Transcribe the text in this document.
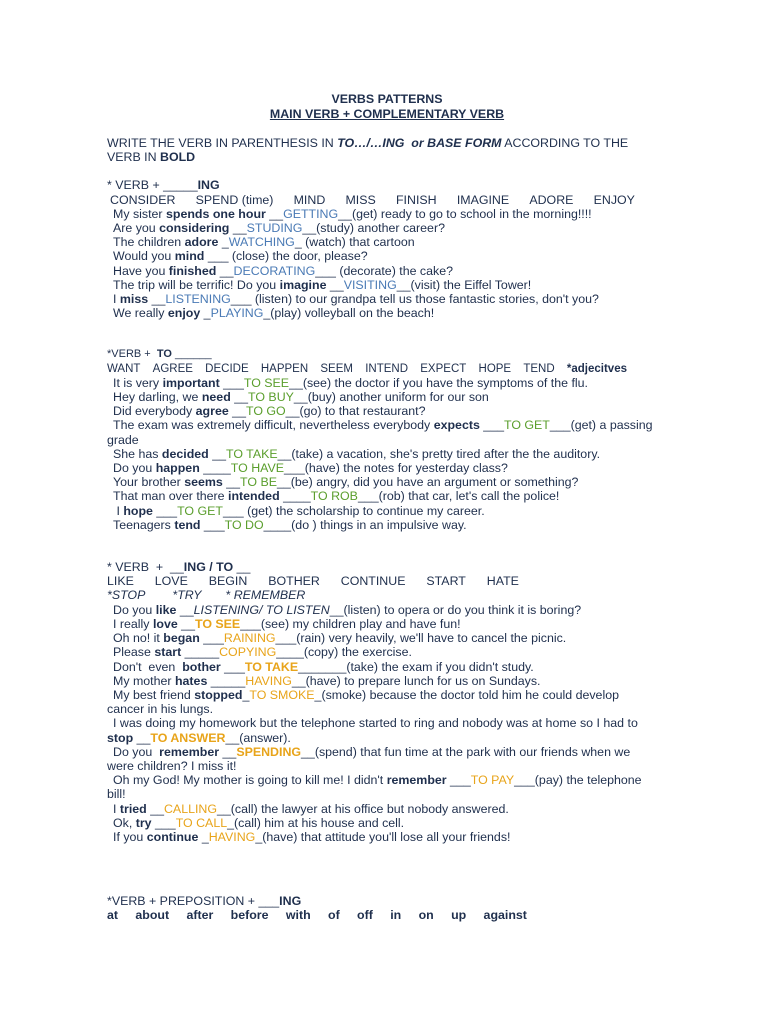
VERBS PATTERNS
MAIN VERB + COMPLEMENTARY VERB
WRITE THE VERB IN PARENTHESIS IN TO…/…ING  or BASE FORM ACCORDING TO THE
VERB IN BOLD
* VERB + _____ING
CONSIDER SPEND (time) MIND MISS FINISH IMAGINE ADORE ENJOY
My sister spends one hour __GETTING__(get) ready to go to school in the morning!!!!
Are you considering __STUDING__(study) another career?
The children adore _WATCHING_ (watch) that cartoon
Would you mind ___ (close) the door, please?
Have you finished __DECORATING___ (decorate) the cake?
The trip will be terrific! Do you imagine __VISITING__(visit) the Eiffel Tower!
I miss __LISTENING___ (listen) to our grandpa tell us those fantastic stories, don't you?
We really enjoy _PLAYING_(play) volleyball on the beach!
*VERB +  TO ______
WANT AGREE DECIDE HAPPEN SEEM INTEND EXPECT HOPE TEND *adjecitves
It is very important ___TO SEE__(see) the doctor if you have the symptoms of the flu.
Hey darling, we need __TO BUY__(buy) another uniform for our son
Did everybody agree __TO GO__(go) to that restaurant?
The exam was extremely difficult, nevertheless everybody expects ___TO GET___(get) a passing
grade
She has decided __TO TAKE__(take) a vacation, she's pretty tired after the the auditory.
Do you happen ____TO HAVE___(have) the notes for yesterday class?
Your brother seems __TO BE__(be) angry, did you have an argument or something?
That man over there intended ____TO ROB___(rob) that car, let's call the police!
I hope ___TO GET___ (get) the scholarship to continue my career.
Teenagers tend ___TO DO____(do ) things in an impulsive way.
* VERB  +  __ING / TO __
LIKE LOVE BEGIN BOTHER CONTINUE START HATE
*STOP        *TRY       * REMEMBER
Do you like __LISTENING/ TO LISTEN__(listen) to opera or do you think it is boring?
I really love __TO SEE___(see) my children play and have fun!
Oh no! it began ___RAINING___(rain) very heavily, we'll have to cancel the picnic.
Please start _____COPYING____(copy) the exercise.
Don't  even  bother ___TO TAKE_______(take) the exam if you didn't study.
My mother hates _____HAVING__(have) to prepare lunch for us on Sundays.
My best friend stopped_TO SMOKE_(smoke) because the doctor told him he could develop
cancer in his lungs.
I was doing my homework but the telephone started to ring and nobody was at home so I had to
stop __TO ANSWER__(answer).
Do you  remember __SPENDING__(spend) that fun time at the park with our friends when we
were children? I miss it!
Oh my God! My mother is going to kill me! I didn't remember ___TO PAY___(pay) the telephone
bill!
I tried __CALLING__(call) the lawyer at his office but nobody answered.
Ok, try ___TO CALL_(call) him at his house and cell.
If you continue _HAVING_(have) that attitude you'll lose all your friends!
*VERB + PREPOSITION + ___ING
at about after before with of off in on up against
